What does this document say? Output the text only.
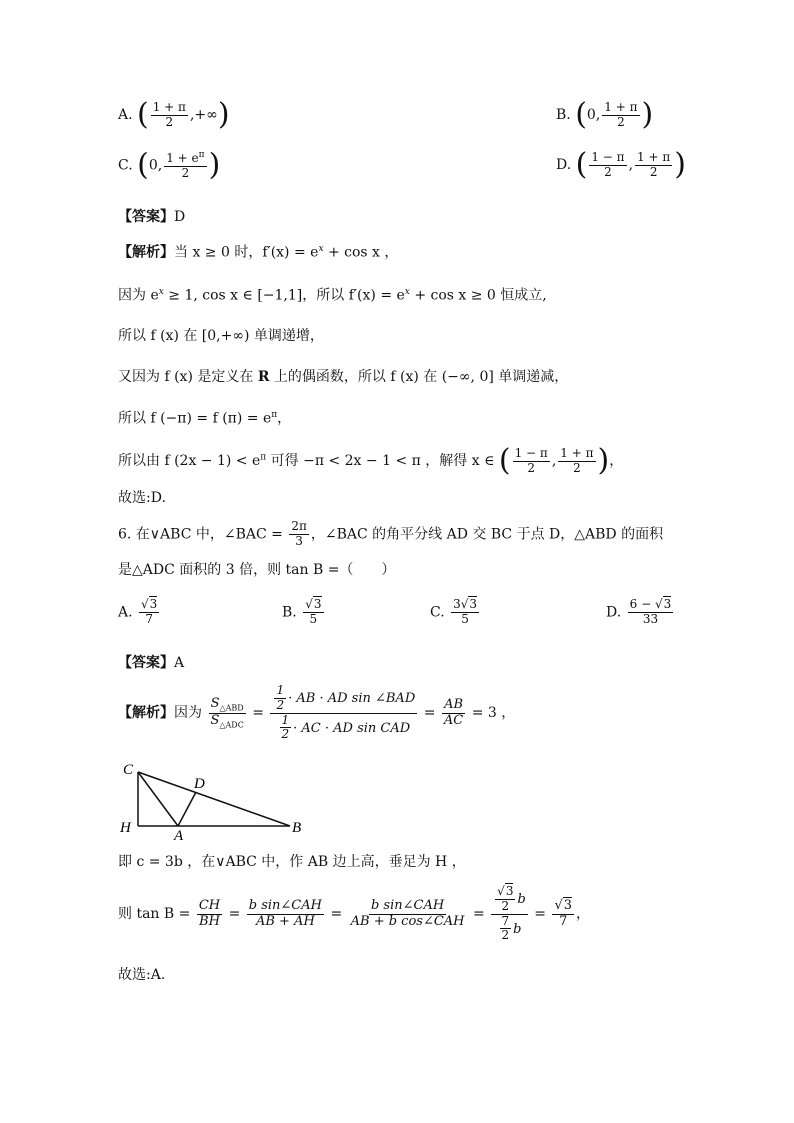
A. ( $\frac{1 + \pi}{2}$ ,+∞)	B. (0, $\frac{1 + \pi}{2}$ )
C. (0, $\frac{1 + e^\pi}{2}$ )	D. ( $\frac{1 - \pi}{2}$ , $\frac{1 + \pi}{2}$ )
【答案】D
【解析】当 x ≥ 0 时，$f'(x) = e^x + \cos x$ ，
因为 $e^x \ge 1$, cos x ∈ [−1,1]，所以 $f'(x) = e^x + \cos x \ge 0$ 恒成立,
所以 f (x) 在 [0,+∞) 单调递增，
又因为 f (x) 是定义在 R 上的偶函数，所以 f (x) 在 (−∞, 0] 单调递减，
所以 f (−π) = f $(\pi) = e^\pi$，
所以由 f $(2x - 1) < e^\pi$ 可得 −π < 2x − 1 < π ，解得 x ∈ ( $\frac{1 - \pi}{2}$ , $\frac{1 + \pi}{2}$ )，
故选:D.
6. 在∨ABC 中，∠BAC = $\frac{2\pi}{3}$ ，∠BAC 的角平分线 AD 交 BC 于点 D，△ABD 的面积
是△ADC 面积的 3 倍，则 tan B =（　　）
A. $\frac{√3}{7}$	B. $\frac{√3}{5}$	C. $\frac{3√3}{5}$	D. $\frac{6 - √3}{33}$
【答案】A
【解析】因为 $\frac{S_{\triangle ABD}}{S_{\triangle ADC}} = \frac{\frac{1}{2} \cdot AB \cdot AD \sin \angle BAD}{\frac{1}{2} \cdot AC \cdot AD \sin CAD} = \frac{AB}{AC} = 3$ ，
C
D
H	A	B
即 c = 3b ，在∨ABC 中，作 AB 边上高，垂足为 H ，
则 $\tan B = \frac{CH}{BH} = \frac{\text{b sin∠CAH}}{AB + AH} = \frac{\text{b sin∠CAH}}{\text{AB + b cos∠CAH}} = \frac{\frac{√3}{2} b}{\frac{7}{2} b} = \frac{√3}{7}$ ，
故选:A.
